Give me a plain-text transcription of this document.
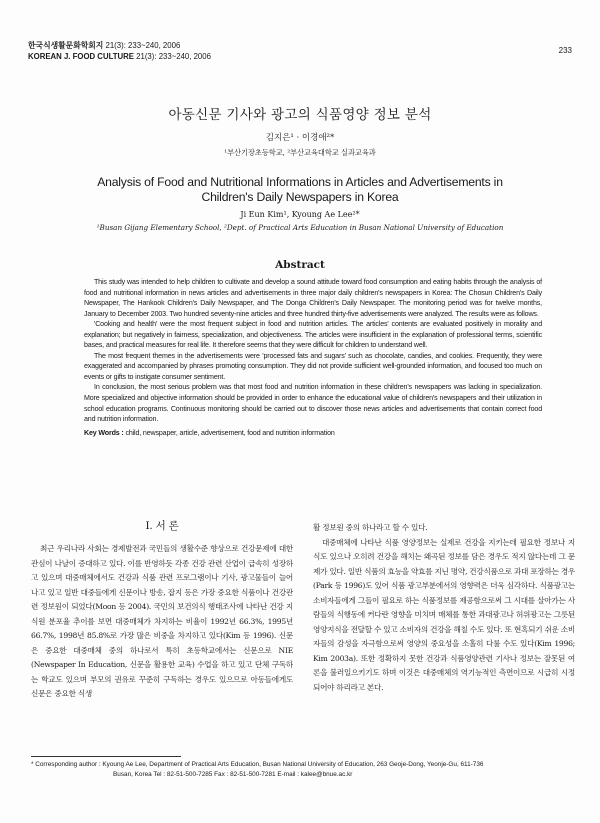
한국식생활문화학회지 21(3): 233~240, 2006
KOREAN J. FOOD CULTURE 21(3): 233~240, 2006
233
아동신문 기사와 광고의 식품영양 정보 분석
김지은¹ · 이경애²*
¹부산기장초등학교, ²부산교육대학교 실과교육과
Analysis of Food and Nutritional Informations in Articles and Advertisements in
Children's Daily Newspapers in Korea
Ji Eun Kim¹, Kyoung Ae Lee²*
¹Busan Gijang Elementary School, ²Dept. of Practical Arts Education in Busan National University of Education
Abstract

This study was intended to help children to cultivate and develop a sound attitude toward food consumption and eating habits through the analysis of food and nutritional information in news articles and advertisements in three major daily children's newspapers in Korea: The Chosun Children's Daily Newspaper, The Hankook Children's Daily Newspaper, and The Donga Children's Daily Newspaper. The monitoring period was for twelve months, January to December 2003. Two hundred seventy-nine articles and three hundred thirty-five advertisements were analyzed. The results were as follows.

'Cooking and health' were the most frequent subject in food and nutrition articles. The articles' contents are evaluated positively in morality and explanation; but negatively in fairness, specialization, and objectiveness. The articles were insufficient in the explanation of professional terms, scientific bases, and practical measures for real life. It therefore seems that they were difficult for children to understand well.

The most frequent themes in the advertisements were 'processed fats and sugars' such as chocolate, candies, and cookies. Frequently, they were exaggerated and accompanied by phrases promoting consumption. They did not provide sufficient well-grounded information, and focused too much on events or gifts to instigate consumer sentiment.

In conclusion, the most serious problem was that most food and nutrition information in these children's newspapers was lacking in specialization. More specialized and objective information should be provided in order to enhance the educational value of children's newspapers and their utilization in school education programs. Continuous monitoring should be carried out to discover those news articles and advertisements that contain correct food and nutrition information.

Key Words : child, newspaper, article, advertisement, food and nutrition information

I. 서 론

최근 우리나라 사회는 경제발전과 국민들의 생활수준 향상으로 건강문제에 대한 관심이 나날이 증대하고 있다. 이를 반영하듯 각종 건강 관련 산업이 급속히 성장하고 있으며 대중매체에서도 건강과 식품 관련 프로그램이나 기사, 광고물들이 늘어나고 있고 일반 대중들에게 신문이나 방송, 잡지 등은 가장 중요한 식품이나 건강관련 정보원이 되었다(Moon 등 2004). 국민의 보건의식 행태조사에 나타난 건강 지식원 분포율 추이를 보면 대중매체가 차지하는 비율이 1992년 66.3%, 1995년 66.7%, 1998년 85.8%로 가장 많은 비중을 차지하고 있다(Kim 등 1996). 신문은 중요한 대중매체 중의 하나로서 특히 초등학교에서는 신문으로 NIE (Newspaper In Education, 신문을 활용한 교육) 수업을 하고 있고 단체 구독하는 학교도 있으며 부모의 권유로 꾸준히 구독하는 경우도 있으므로 아동들에게도 신문은 중요한 식생

활 정보원 중의 하나라고 할 수 있다.

대중매체에 나타난 식품 영양정보는 실제로 건강을 지키는데 필요한 정보나 지식도 있으나 오히려 건강을 해치는 왜곡된 정보를 담은 경우도 적지 않다는데 그 문제가 있다. 일반 식품의 효능을 약효를 지닌 명약, 건강식품으로 과대 포장하는 경우(Park 등 1996)도 있어 식품 광고부분에서의 영향력은 더욱 심각하다. 식품광고는 소비자들에게 그들이 필요로 하는 식품정보를 제공함으로써 그 시대를 살아가는 사람들의 식행동에 커다란 영향을 미치며 매체를 통한 과대광고나 허위광고는 그릇된 영양지식을 전달할 수 있고 소비자의 건강을 해칠 수도 있다. 또 현혹되기 쉬운 소비자들의 감성을 자극함으로써 영양의 중요성을 소홀히 다룰 수도 있다(Kim 1996; Kim 2003a). 또한 정확하지 못한 건강과 식품영양관련 기사나 정보는 잘못된 여론을 불러일으키기도 하며 이것은 대중매체의 역기능적인 측면이므로 시급히 시정되어야 하리라고 본다.

* Corresponding author : Kyoung Ae Lee, Department of Practical Arts Education, Busan National University of Education, 263 Geoje-Dong, Yeonje-Gu, 611-736
Busan, Korea Tel : 82-51-500-7285 Fax : 82-51-500-7281 E-mail : kalee@bnue.ac.kr
